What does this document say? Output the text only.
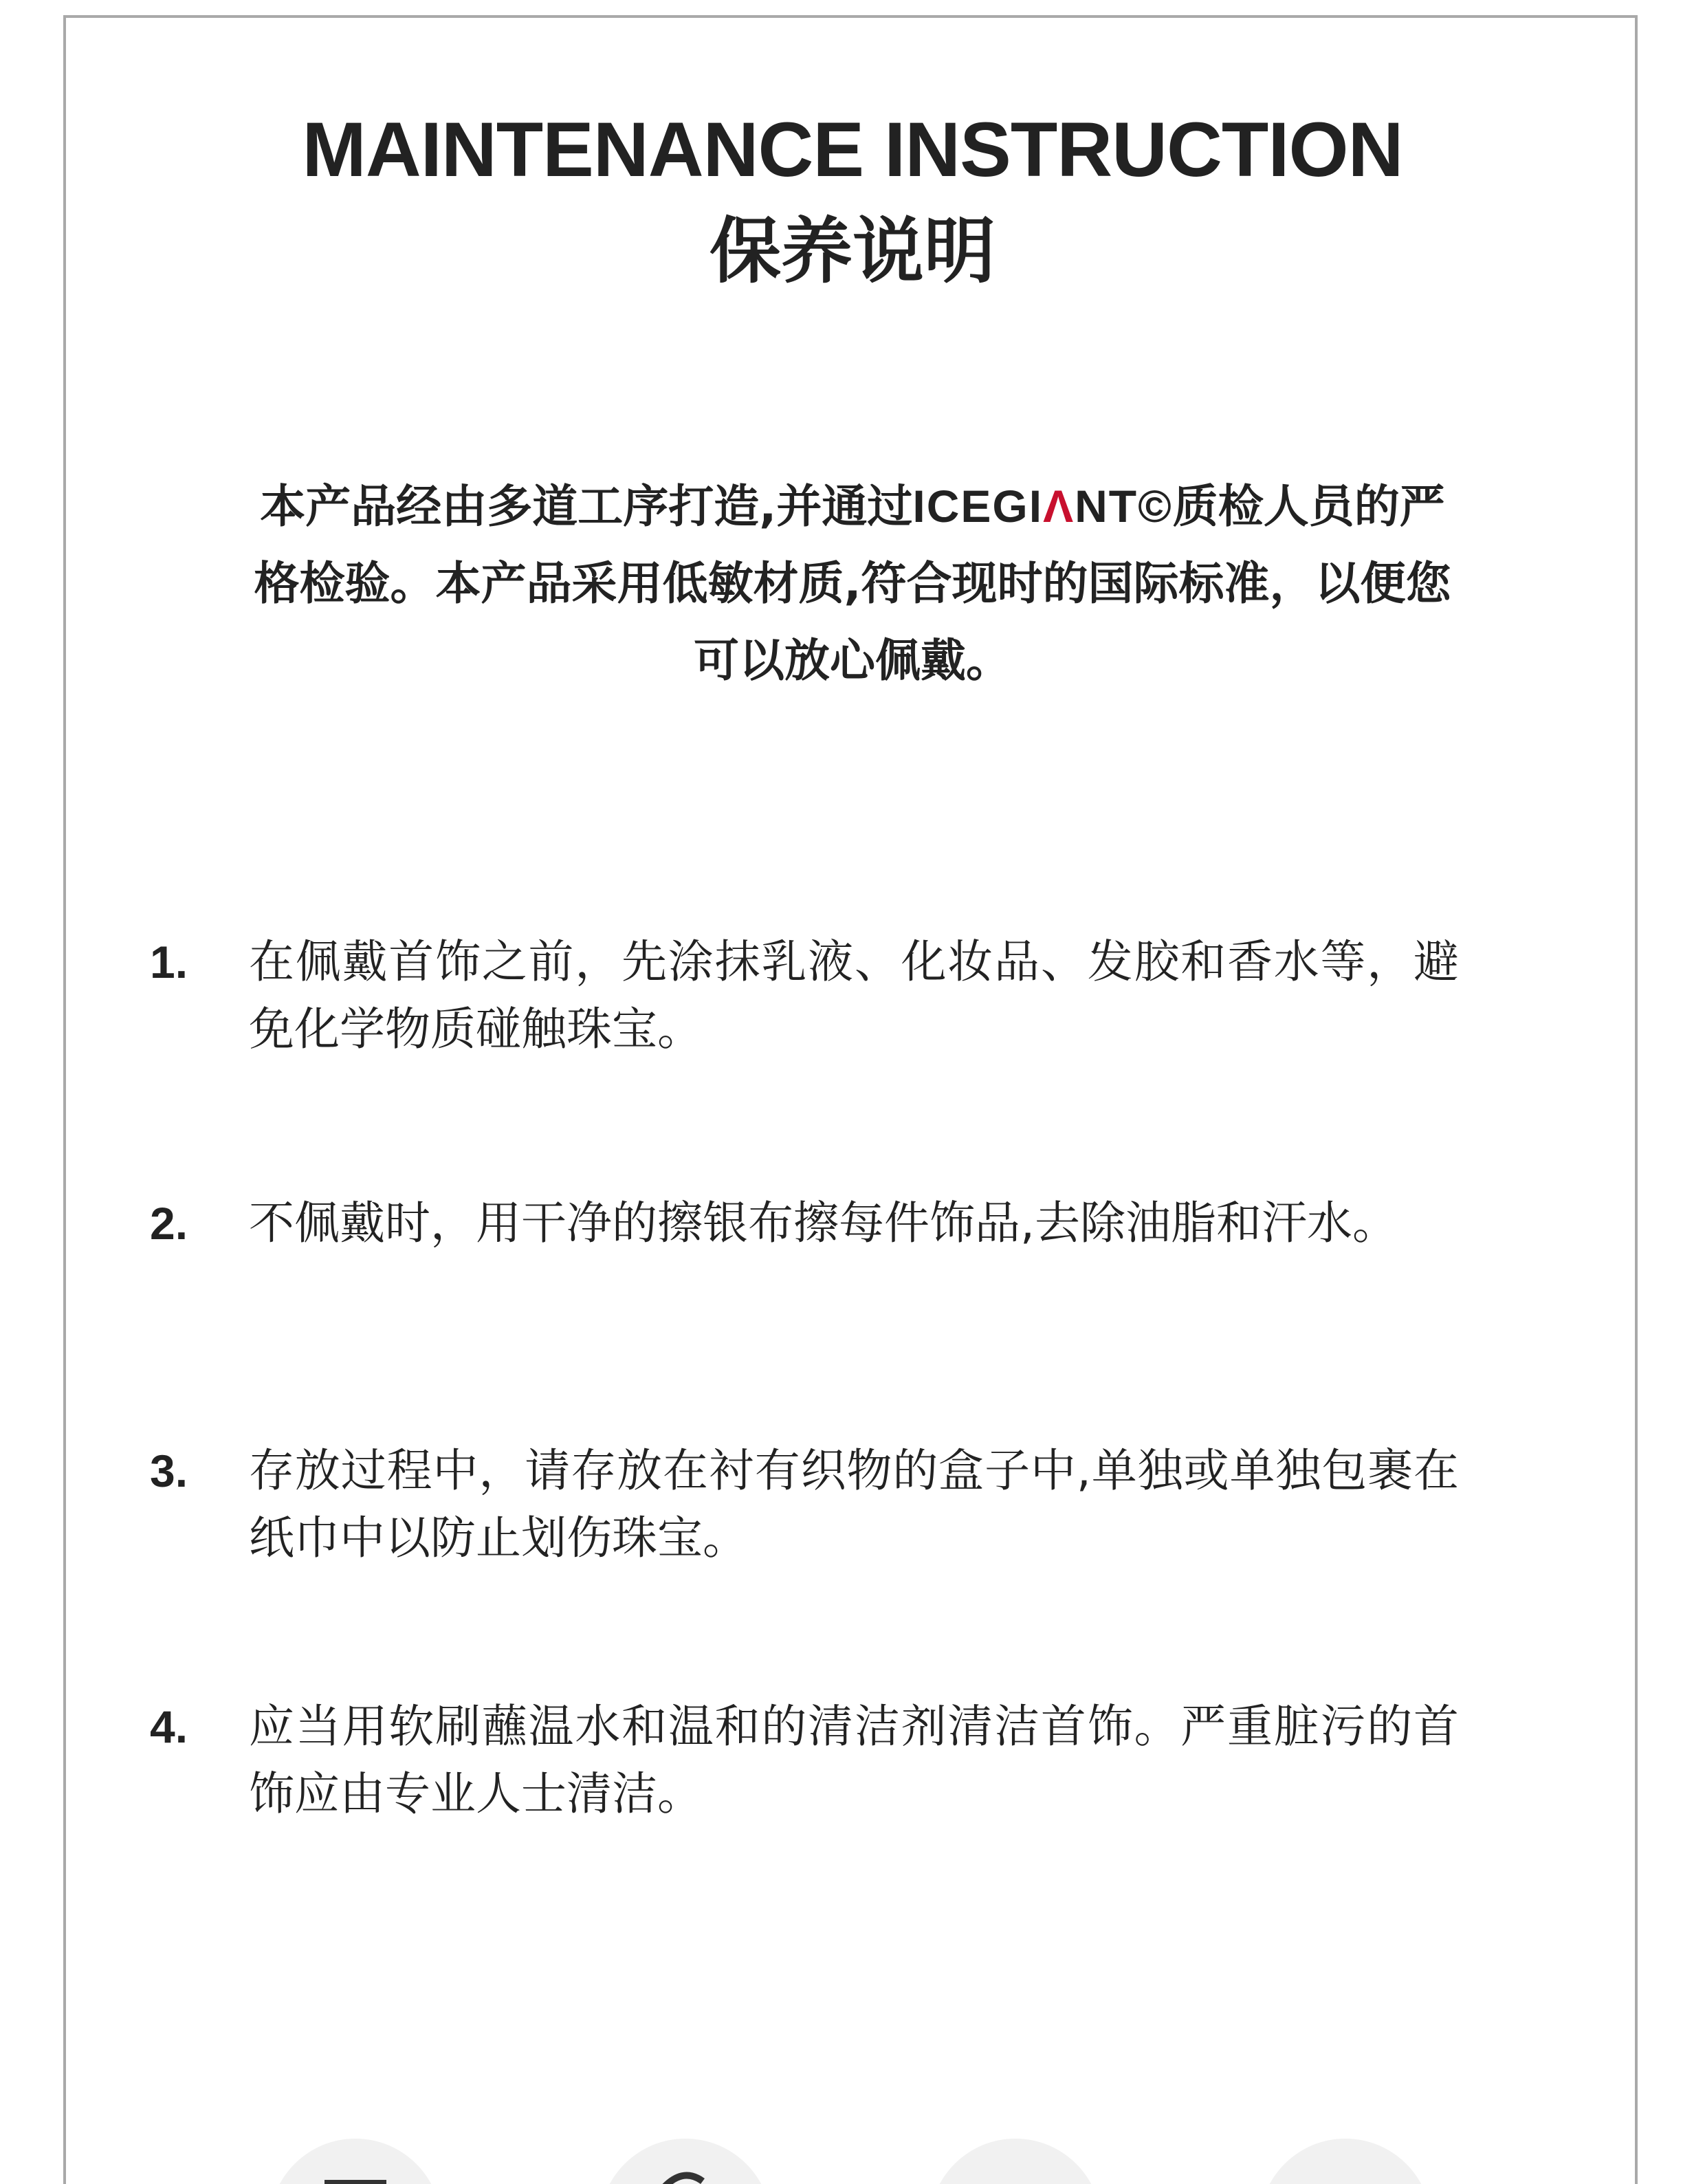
MAINTENANCE INSTRUCTION
保养说明
本产品经由多道工序打造,并通过ICEGIΛNT©质检人员的严格检验。本产品采用低敏材质,符合现时的国际标准，以便您可以放心佩戴。
1. 在佩戴首饰之前，先涂抹乳液、化妆品、发胶和香水等，避免化学物质碰触珠宝。
2. 不佩戴时，用干净的擦银布擦每件饰品,去除油脂和汗水。
3. 存放过程中，请存放在衬有织物的盒子中,单独或单独包裹在纸巾中以防止划伤珠宝。
4. 应当用软刷蘸温水和温和的清洁剂清洁首饰。严重脏污的首饰应由专业人士清洁。
